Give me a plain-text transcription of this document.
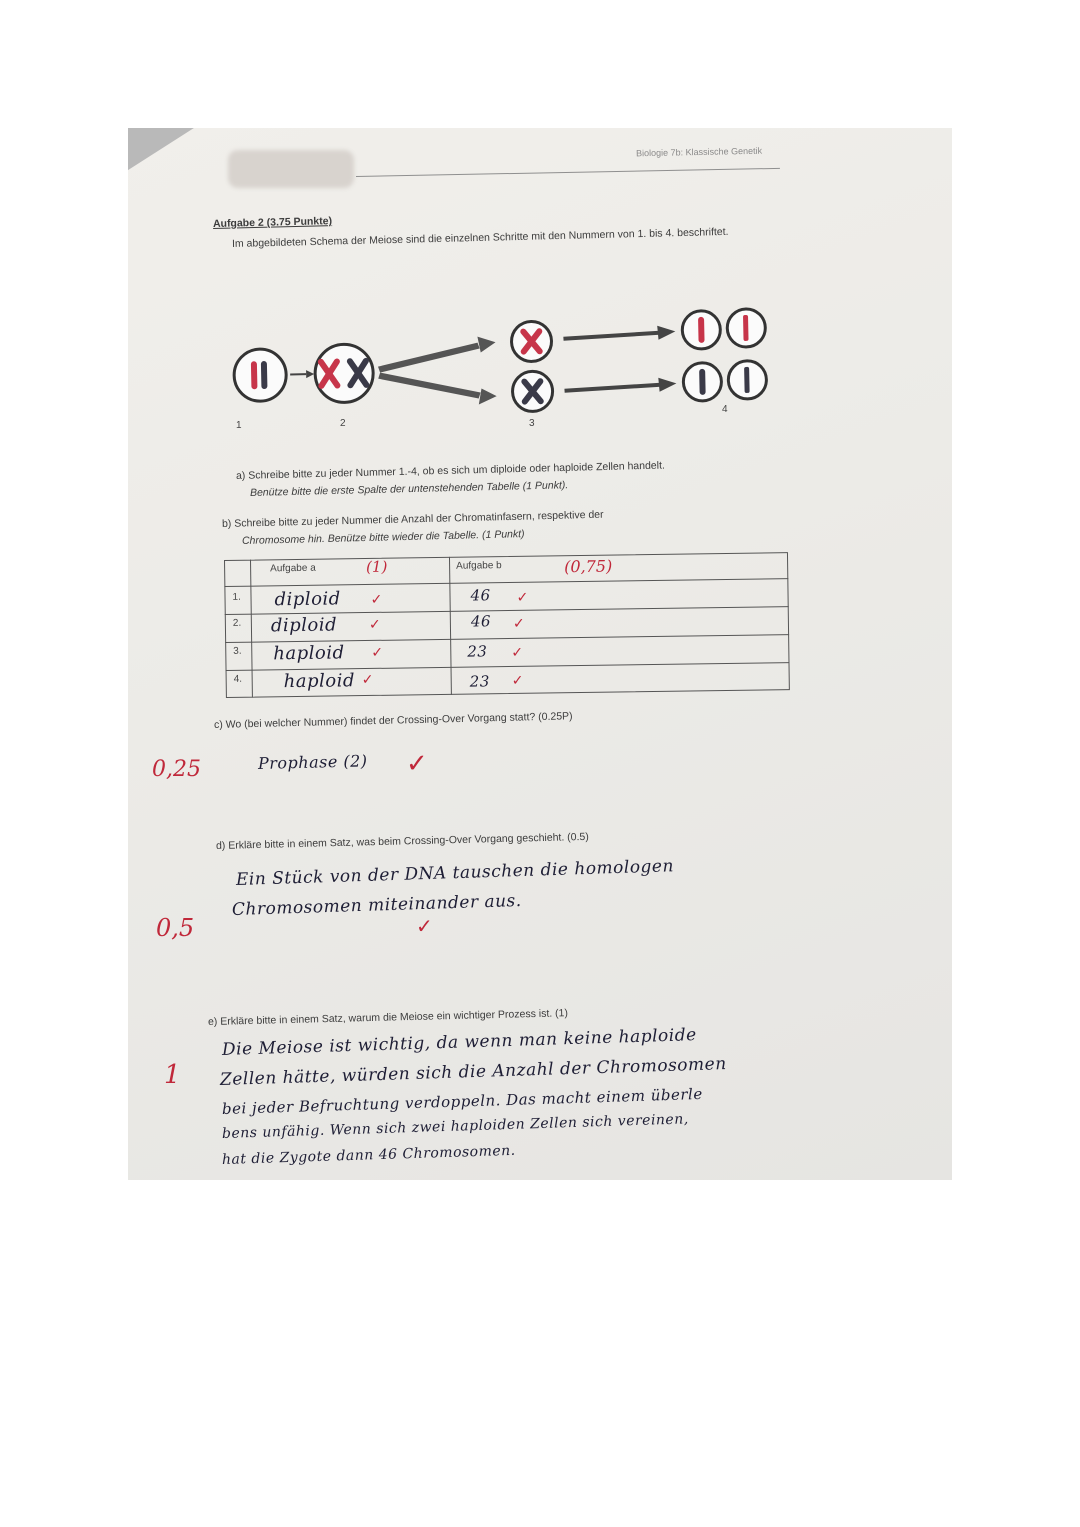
Biologie 7b: Klassische Genetik
Aufgabe 2 (3.75 Punkte)
Im abgebildeten Schema der Meiose sind die einzelnen Schritte mit den Nummern von 1. bis 4. beschriftet.
1	2	3
4
a) Schreibe bitte zu jeder Nummer 1.-4, ob es sich um diploide oder haploide Zellen handelt.
Benütze bitte die erste Spalte der untenstehenden Tabelle (1 Punkt).
b) Schreibe bitte zu jeder Nummer die Anzahl der Chromatinfasern, respektive der
Chromosome hin. Benütze bitte wieder die Tabelle. (1 Punkt)
Aufgabe a	Aufgabe b
(1)	(0,75)
1. diploid ✓	46 ✓
2. diploid ✓	46 ✓
3. haploid ✓	23 ✓
4. haploid ✓	23 ✓
c) Wo (bei welcher Nummer) findet der Crossing-Over Vorgang statt? (0.25P)
Prophase (2) ✓
0,25
d) Erkläre bitte in einem Satz, was beim Crossing-Over Vorgang geschieht. (0.5)
Ein Stück von der DNA tauschen die homologen
Chromosomen miteinander aus.
✓
0,5
e) Erkläre bitte in einem Satz, warum die Meiose ein wichtiger Prozess ist. (1)
Die Meiose ist wichtig, da wenn man keine haploide
Zellen hätte, würden sich die Anzahl der Chromosomen
bei jeder Befruchtung verdoppeln. Das macht einem überle
bens unfähig. Wenn sich zwei haploiden Zellen sich vereinen,
hat die Zygote dann 46 Chromosomen.
1
